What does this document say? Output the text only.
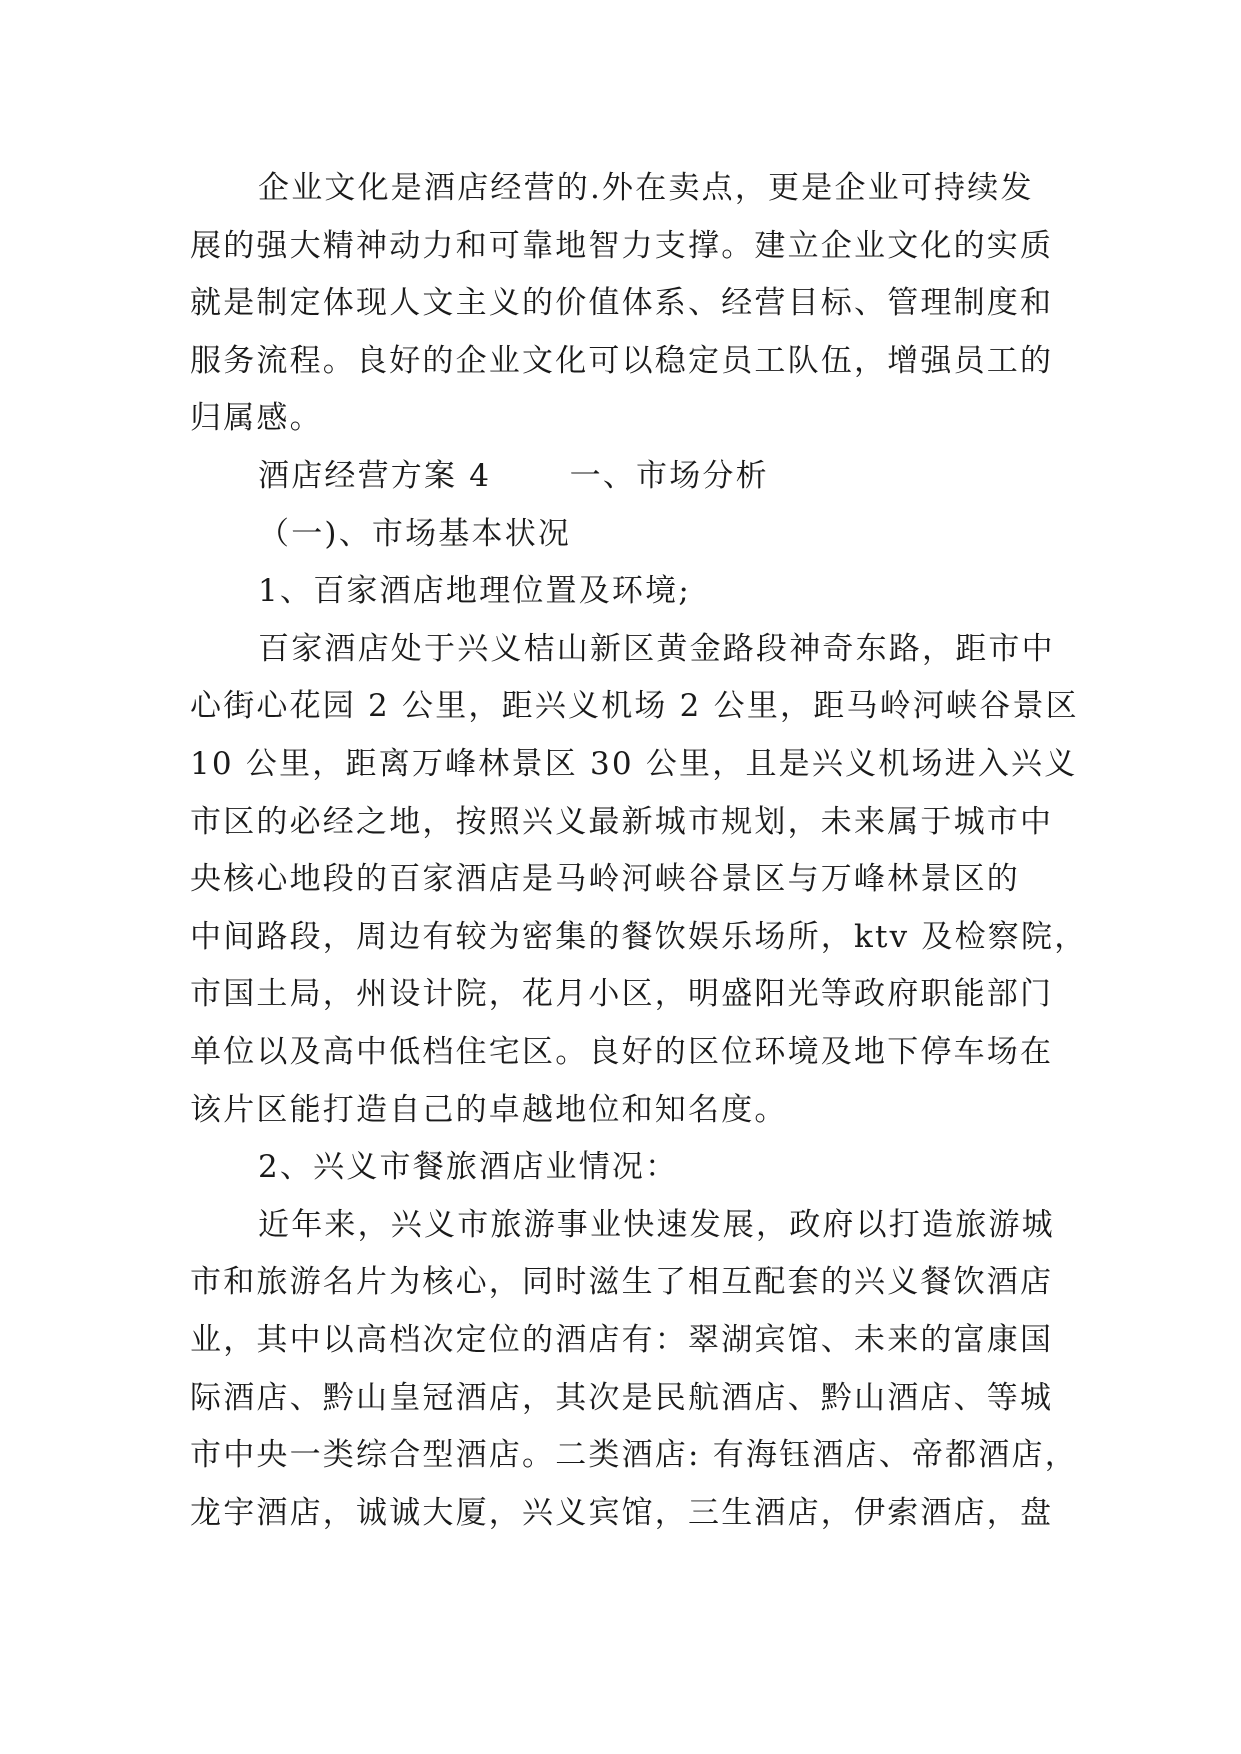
企业文化是酒店经营的.外在卖点，更是企业可持续发
展的强大精神动力和可靠地智力支撑。建立企业文化的实质
就是制定体现人文主义的价值体系、经营目标、管理制度和
服务流程。良好的企业文化可以稳定员工队伍，增强员工的
归属感。
酒店经营方案 4　　 一、市场分析
（一)、市场基本状况
1、百家酒店地理位置及环境;
百家酒店处于兴义桔山新区黄金路段神奇东路，距市中
心街心花园 2 公里，距兴义机场 2 公里，距马岭河峡谷景区
10 公里，距离万峰林景区 30 公里，且是兴义机场进入兴义
市区的必经之地，按照兴义最新城市规划，未来属于城市中
央核心地段的百家酒店是马岭河峡谷景区与万峰林景区的
中间路段，周边有较为密集的餐饮娱乐场所，ktv 及检察院，
市国土局，州设计院，花月小区，明盛阳光等政府职能部门
单位以及高中低档住宅区。良好的区位环境及地下停车场在
该片区能打造自己的卓越地位和知名度。
2、兴义市餐旅酒店业情况：
近年来，兴义市旅游事业快速发展，政府以打造旅游城
市和旅游名片为核心，同时滋生了相互配套的兴义餐饮酒店
业，其中以高档次定位的酒店有：翠湖宾馆、未来的富康国
际酒店、黔山皇冠酒店，其次是民航酒店、黔山酒店、等城
市中央一类综合型酒店。二类酒店: 有海钰酒店、帝都酒店，
龙宇酒店，诚诚大厦，兴义宾馆，三生酒店，伊索酒店，盘
